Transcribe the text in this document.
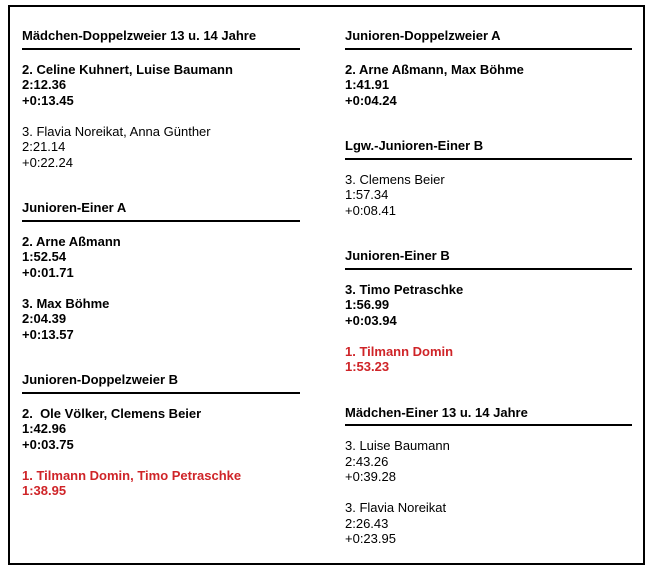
Mädchen-Doppelzweier 13 u. 14 Jahre
2. Celine Kuhnert, Luise Baumann
2:12.36
+0:13.45
3. Flavia Noreikat, Anna Günther
2:21.14
+0:22.24
Junioren-Einer A
2. Arne Aßmann
1:52.54
+0:01.71
3. Max Böhme
2:04.39
+0:13.57
Junioren-Doppelzweier B
2.  Ole Völker, Clemens Beier
1:42.96
+0:03.75
1. Tilmann Domin, Timo Petraschke
1:38.95
Junioren-Doppelzweier A
2. Arne Aßmann, Max Böhme
1:41.91
+0:04.24
Lgw.-Junioren-Einer B
3. Clemens Beier
1:57.34
+0:08.41
Junioren-Einer B
3. Timo Petraschke
1:56.99
+0:03.94
1. Tilmann Domin
1:53.23
Mädchen-Einer 13 u. 14 Jahre
3. Luise Baumann
2:43.26
+0:39.28
3. Flavia Noreikat
2:26.43
+0:23.95
